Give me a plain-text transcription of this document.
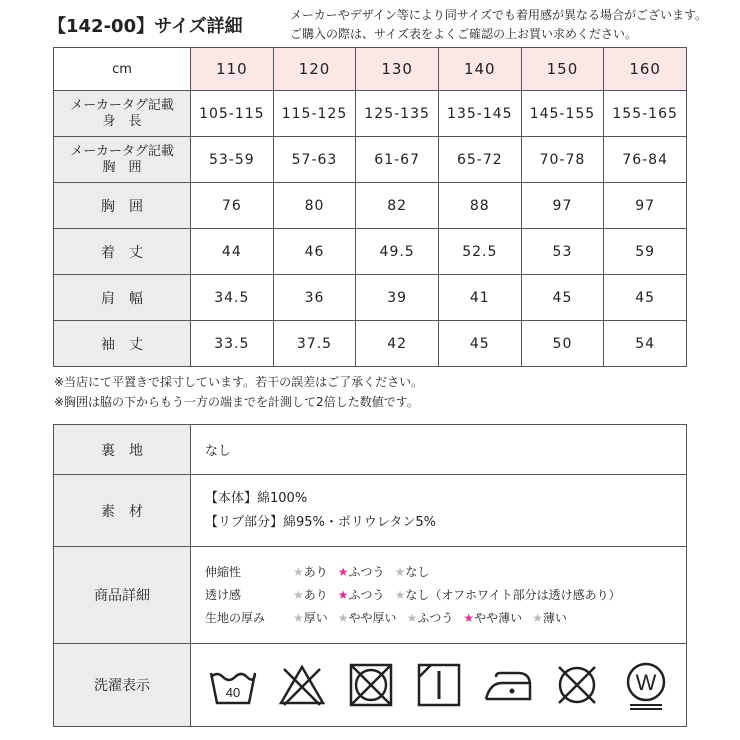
【142-00】サイズ詳細
メーカーやデザイン等により同サイズでも着用感が異なる場合がございます。
ご購入の際は、サイズ表をよくご確認の上お買い求めください。
cm	110	120	130	140	150	160

メーカータグ記載
身　長	105-115	115-125	125-135	135-145	145-155	155-165

メーカータグ記載
胸　囲	53-59	57-63	61-67	65-72	70-78	76-84
胸　囲	76	80	82	88	97	97
着　丈	44	46	49.5	52.5	53	59
肩　幅	34.5	36	39	41	45	45
袖　丈	33.5	37.5	42	45	50	54
※当店にて平置きで採寸しています。若干の誤差はご了承ください。
※胸囲は脇の下からもう一方の端までを計測して2倍した数値です。
裏　地	なし
素　材	【本体】綿100%
【リブ部分】綿95%・ポリウレタン5%

商品詳細	伸縮性 ★あり ★ふつう ★なし
透け感 ★あり ★ふつう ★なし（オフホワイト部分は透け感あり）
生地の厚み ★厚い ★やや厚い ★ふつう ★やや薄い ★薄い

洗濯表示	40 W
